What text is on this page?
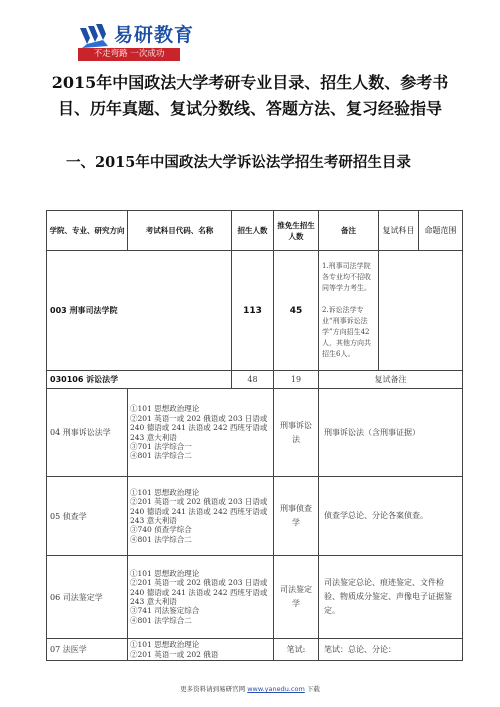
易研教育
不走弯路 一次成功
2015年中国政法大学考研专业目录、招生人数、参考书目、历年真题、复试分数线、答题方法、复习经验指导
一、2015年中国政法大学诉讼法学招生考研招生目录
学院、专业、研究方向	考试科目代码、名称	招生人数	推免生招生人数	备注	复试科目	命题范围
003 刑事司法学院		113	45	1.刑事司法学院各专业均不招收同等学力考生。

2.诉讼法学专业“刑事诉讼法学”方向招生42人，其他方向共招生6人。		

030106 诉讼法学		48	19	复试备注		
04 刑事诉讼法学	①101 思想政治理论
②201 英语一或 202 俄语或 203 日语或 240 德语或 241 法语或 242 西班牙语或 243 意大利语
③701 法学综合一
④801 法学综合二		刑事诉讼法	刑事诉讼法（含刑事证据）		
05 侦查学	①101 思想政治理论
②201 英语一或 202 俄语或 203 日语或 240 德语或 241 法语或 242 西班牙语或 243 意大利语
③740 侦查学综合
④801 法学综合二		刑事侦查学	侦查学总论、分论各案侦查。		
06 司法鉴定学	①101 思想政治理论
②201 英语一或 202 俄语或 203 日语或 240 德语或 241 法语或 242 西班牙语或 243 意大利语
③741 司法鉴定综合
④801 法学综合二		司法鉴定学	司法鉴定总论、痕迹鉴定、文件检验、物质成分鉴定、声像电子证据鉴定。		
07 法医学	①101 思想政治理论
②201 英语一或 202 俄语		笔试:	笔试：总论、分论：		
更多资料请到易研官网 www.yanedu.com 下载
